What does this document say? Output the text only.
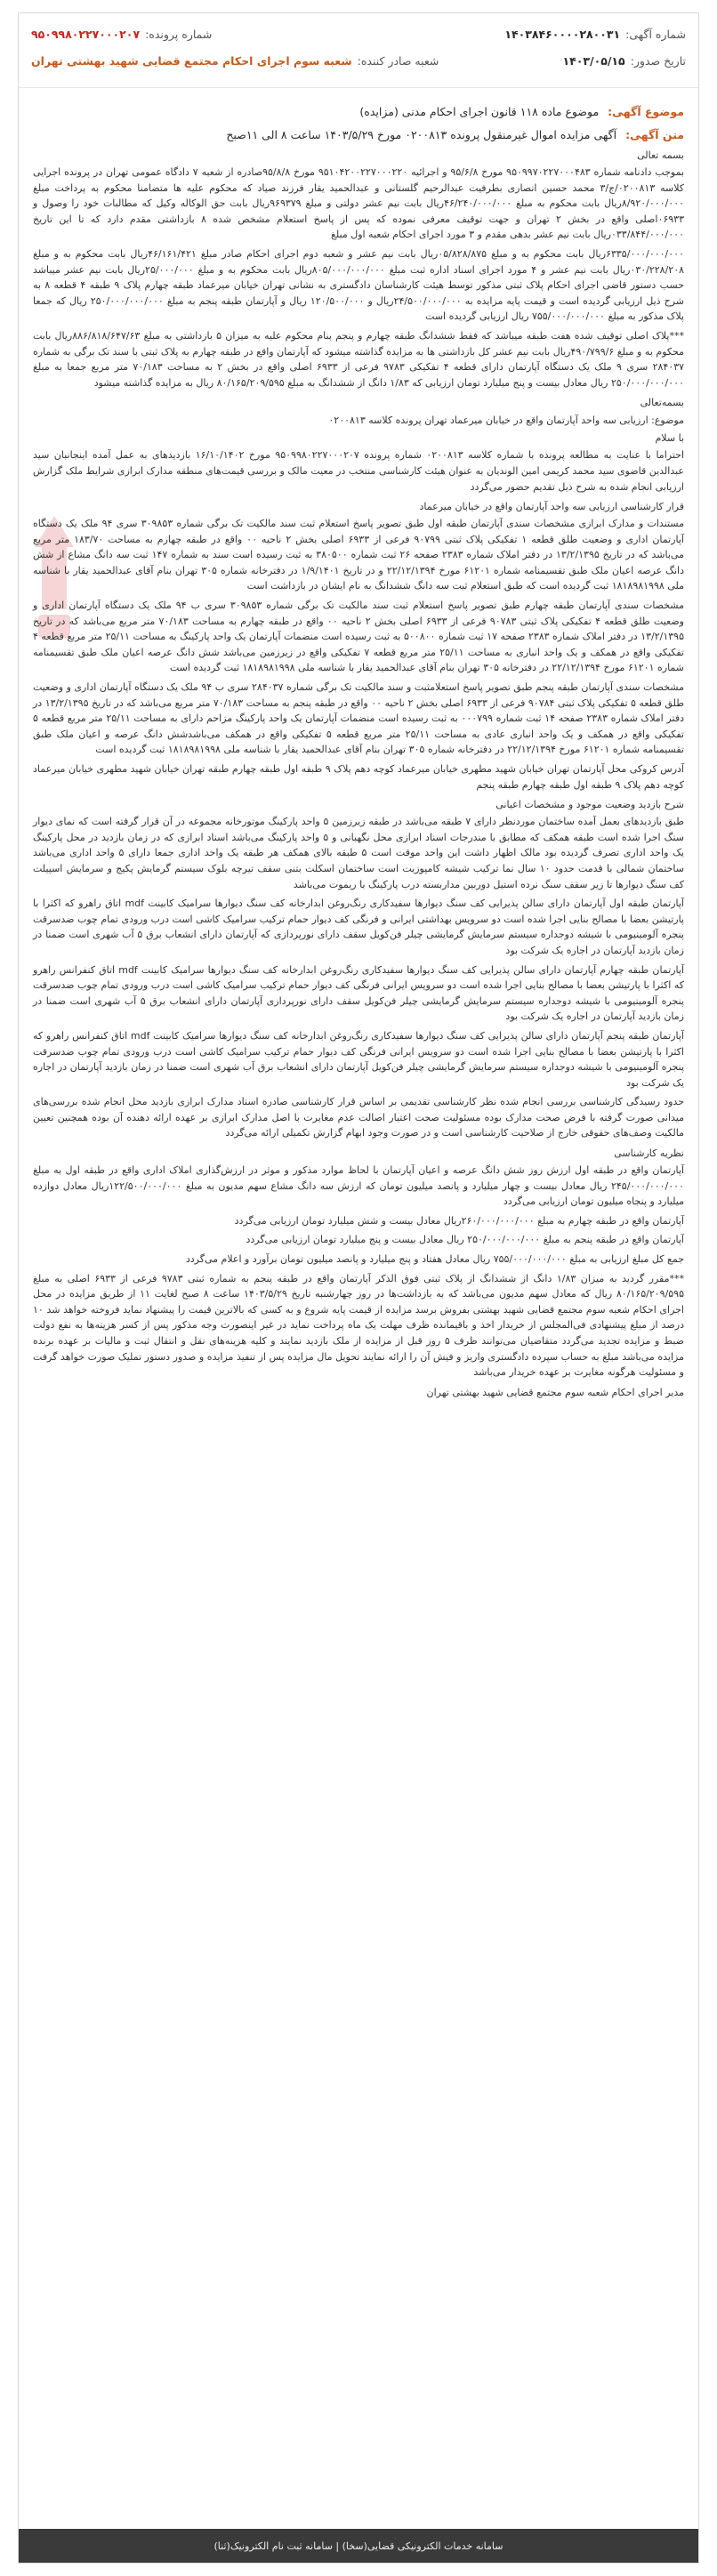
شماره آگهی:
۱۴۰۳۸۴۶۰۰۰۰۲۸۰۰۳۱
شماره پرونده:
۹۵۰۹۹۸۰۲۲۷۰۰۰۲۰۷
تاریخ صدور:
۱۴۰۳/۰۵/۱۵
شعبه صادر کننده:
شعبه سوم اجرای احکام مجتمع قضایی شهید بهشتی تهران
موضوع آگهی:
موضوع ماده ۱۱۸ قانون اجرای احکام مدنی (مزایده)
متن آگهی:
آگهی مزایده اموال غیرمنقول پرونده ۰۲۰۰۸۱۳ مورخ ۱۴۰۳/۵/۲۹ ساعت ۸ الی ۱۱صبح

بسمه تعالی

بموجب دادنامه شماره ۹۵۰۹۹۷۰۲۲۷۰۰۰۴۸۳ مورخ ۹۵/۶/۸ و اجرائیه ۹۵۱۰۴۲۰۰۲۲۷۰۰۰۲۲۰ مورخ ۹۵/۸/۸صادره از شعبه ۷ دادگاه عمومی تهران در پرونده اجرایی کلاسه ۰۲۰۰۸۱۳/ج/۳ محمد حسین انصاری بطرفیت عبدالرحیم گلستانی و عبدالحمید یقار فرزند صیاد که محکوم علیه ها متضامنا محکوم به پرداخت مبلغ ۸/۹۲۰/۰۰۰/۰۰۰ریال بابت محکوم به مبلغ ۴۶/۲۴۰/۰۰۰/۰۰۰ریال بابت نیم عشر دولتی و مبلغ ۹۶۹۳۷۹ریال بابت حق الوکاله وکیل که مطالبات خود را وصول و ۰۶۹۳۳اصلی واقع در بخش ۲ تهران و جهت توقیف معرفی نموده که پس از پاسخ استعلام مشخص شده ۸ بازداشتی مقدم دارد که تا این تاریخ ۰۳۳/۸۴۴/۰۰۰/۰۰۰ریال بابت نیم عشر بدهی مقدم و ۳ مورد اجرای احکام شعبه اول مبلغ

۶۳۳۵/۰۰۰/۰۰۰/۰۰۰ریال بابت محکوم به و مبلغ ۰۵/۸۲۸/۸۷۵ریال بابت نیم عشر و شعبه دوم اجرای احکام صادر مبلغ ۴۶/۱۶۱/۴۲۱ریال بابت محکوم به و مبلغ ۰۳۰/۲۲۸/۲۰۸ریال بابت نیم عشر و ۴ مورد اجرای اسناد اداره ثبت مبلغ ۸۰۵/۰۰۰/۰۰۰/۰۰۰ریال بابت محکوم به و مبلغ ۲۵/۰۰۰/۰۰۰ریال بابت نیم عشر میباشد حسب دستور قاضی اجرای احکام پلاک ثبتی مذکور توسط هیئت کارشناسان دادگستری به نشانی تهران خیابان میرعماد طبقه چهارم پلاک ۹ طبقه ۴ قطعه ۸ به شرح ذیل ارزیابی گردیده است و قیمت پایه مزایده به ۲۴/۵۰۰/۰۰۰/۰۰۰ریال و ۱۲۰/۵۰۰/۰۰۰ ریال و آپارتمان طبقه پنجم به مبلغ ۲۵۰/۰۰۰/۰۰۰/۰۰۰ ریال که جمعا پلاک مذکور به مبلغ ۷۵۵/۰۰۰/۰۰۰/۰۰۰ ریال ارزیابی گردیده است

***پلاک اصلی توقیف شده هفت طبقه میباشد که فقط ششدانگ طبقه چهارم و پنجم بنام محکوم علیه به میزان ۵ بازداشتی به مبلغ ۸۸۶/۸۱۸/۶۴۷/۶۳ریال بابت محکوم به و مبلغ ۴۹۰/۷۹۹/۶ریال بابت نیم عشر کل بازداشتی ها به مزایده گذاشته میشود که آپارتمان واقع در طبقه چهارم به پلاک ثبتی با سند تک برگی به شماره ۲۸۴۰۳۷ سری ۹ ملک یک دستگاه آپارتمان دارای قطعه ۴ تفکیکی ۹۷۸۳ فرعی از ۶۹۳۳ اصلی واقع در بخش ۲ به مساحت ۷۰/۱۸۳ متر مربع جمعا به مبلغ ۲۵۰/۰۰۰/۰۰۰/۰۰۰ ریال معادل بیست و پنج میلیارد تومان ارزیابی که ۱/۸۳ دانگ از ششدانگ به مبلغ ۸۰/۱۶۵/۲۰۹/۵۹۵ ریال به مزایده گذاشته میشود

بسمه‌تعالی

موضوع: ارزیابی سه واحد آپارتمان واقع در خیابان میرعماد تهران پرونده کلاسه ۰۲۰۰۸۱۳

با سلام

احتراما با عنایت به مطالعه پرونده با شماره کلاسه ۰۲۰۰۸۱۳ شماره پرونده ۹۵۰۹۹۸۰۲۲۷۰۰۰۲۰۷ مورخ ۱۶/۱۰/۱۴۰۲ بازدیدهای به عمل آمده اینجانبان سید عبدالدین قاضوی سید محمد کریمی امین الوندیان به عنوان هیئت کارشناسی منتخب در معیت مالک و بررسی قیمت‌های منطقه مدارک ابرازی شرایط ملک گزارش ارزیابی انجام شده به شرح ذیل تقدیم حضور می‌گردد

قرار کارشناسی ارزیابی سه واحد آپارتمان واقع در خیابان میرعماد

مستندات و مدارک ابرازی مشخصات سندی آپارتمان طبقه اول طبق تصویر پاسخ استعلام ثبت سند مالکیت تک برگی شماره ۳۰۹۸۵۳ سری ۹۴ ملک یک دستگاه آپارتمان اداری و وضعیت طلق قطعه ۱ تفکیکی پلاک ثبتی ۹۰۷۹۹ فرعی از ۶۹۳۳ اصلی بخش ۲ ناحیه ۰۰ واقع در طبقه چهارم به مساحت ۱۸۳/۷۰ متر مربع می‌باشد که در تاریخ ۱۳/۲/۱۳۹۵ در دفتر املاک شماره ۲۳۸۳ صفحه ۲۶ ثبت شماره ۳۸۰۵۰۰ به ثبت رسیده است سند به شماره ۱۴۷ ثبت سه دانگ مشاع از شش دانگ عرصه اعیان ملک طبق تقسیمنامه شماره ۶۱۲۰۱ مورخ ۲۲/۱۲/۱۳۹۴ و در تاریخ ۱/۹/۱۴۰۱ در دفترخانه شماره ۳۰۵ تهران بنام آقای عبدالحمید یقار با شناسه ملی ۱۸۱۸۹۸۱۹۹۸ ثبت گردیده است که طبق استعلام ثبت سه دانگ ششدانگ به نام ایشان در بازداشت است

مشخصات سندی آپارتمان طبقه چهارم طبق تصویر پاسخ استعلام ثبت سند مالکیت تک برگی شماره ۳۰۹۸۵۳ سری ب ۹۴ ملک یک دستگاه آپارتمان اداری و وضعیت طلق قطعه ۴ تفکیکی پلاک ثبتی ۹۰۷۸۳ فرعی از ۶۹۳۳ اصلی بخش ۲ ناحیه ۰۰ واقع در طبقه چهارم به مساحت ۷۰/۱۸۳ متر مربع می‌باشد که در تاریخ ۱۳/۲/۱۳۹۵ در دفتر املاک شماره ۲۳۸۳ صفحه ۱۷ ثبت شماره ۵۰۰۸۰۰ به ثبت رسیده است منضمات آپارتمان یک واحد پارکینگ به مساحت ۲۵/۱۱ متر مربع قطعه ۴ تفکیکی واقع در همکف و یک واحد انباری به مساحت ۲۵/۱۱ متر مربع قطعه ۷ تفکیکی واقع در زیرزمین می‌باشد شش دانگ عرصه اعیان ملک طبق تقسیمنامه شماره ۶۱۲۰۱ مورخ ۲۲/۱۲/۱۳۹۴ در دفترخانه ۳۰۵ تهران بنام آقای عبدالحمید یقار با شناسه ملی ۱۸۱۸۹۸۱۹۹۸ ثبت گردیده است

مشخصات سندی آپارتمان طبقه پنجم طبق تصویر پاسخ استعلامثبت و سند مالکیت تک برگی شماره ۲۸۴۰۳۷ سری ب ۹۴ ملک یک دستگاه آپارتمان اداری و وضعیت طلق قطعه ۵ تفکیکی پلاک ثبتی ۹۰۷۸۴ فرعی از ۶۹۳۳ اصلی بخش ۲ ناحیه ۰۰ واقع در طبقه پنجم به مساحت ۷۰/۱۸۳ متر مربع می‌باشد که در تاریخ ۱۳/۲/۱۳۹۵ در دفتر املاک شماره ۲۳۸۳ صفحه ۱۴ ثبت شماره ۰۰۰۷۹۹ به ثبت رسیده است منضمات آپارتمان یک واحد پارکینگ مزاحم دارای به مساحت ۲۵/۱۱ متر مربع قطعه ۵ تفکیکی واقع در همکف و یک واحد انباری عادی به مساحت ۲۵/۱۱ متر مربع قطعه ۵ تفکیکی واقع در همکف می‌باشدشش دانگ عرصه و اعیان ملک طبق تقسیمنامه شماره ۶۱۲۰۱ مورخ ۲۲/۱۲/۱۳۹۴ در دفترخانه شماره ۳۰۵ تهران بنام آقای عبدالحمید یقار با شناسه ملی ۱۸۱۸۹۸۱۹۹۸ ثبت گردیده است

آدرس کروکی محل آپارتمان تهران خیابان شهید مطهری خیابان میرعماد کوچه دهم پلاک ۹ طبقه اول طبقه چهارم طبقه تهران خیابان شهید مطهری خیابان میرعماد کوچه دهم پلاک ۹ طبقه اول طبقه چهارم طبقه پنجم

شرح بازدید وضعیت موجود و مشخصات اعیانی

طبق بازدیدهای بعمل آمده ساختمان موردنظر دارای ۷ طبقه می‌باشد در طبقه زیرزمین ۵ واحد پارکینگ موتورخانه مجموعه در آن قرار گرفته است که نمای دیوار سنگ اجرا شده است طبقه همکف که مطابق با مندرجات اسناد ابرازی محل نگهبانی و ۵ واحد پارکینگ می‌باشد اسناد ابرازی که در زمان بازدید در محل پارکینگ یک واحد اداری تصرف گردیده بود مالک اظهار داشت این واحد موقت است ۵ طبقه بالای همکف هر طبقه یک واحد اداری جمعا دارای ۵ واحد اداری می‌باشد ساختمان شمالی با قدمت حدود ۱۰ سال نما ترکیب شیشه کامپوزیت است ساختمان اسکلت بتنی سقف تیرچه بلوک سیستم گرمایش پکیج و سرمایش اسپیلت کف سنگ دیوارها تا زیر سقف سنگ نرده استیل دوربین مداربسته درب پارکینگ با ریموت می‌باشد

آپارتمان طبقه اول آپارتمان دارای سالن پذیرایی کف سنگ دیوارها سفیدکاری رنگ‌روغن ابدارخانه کف سنگ دیوارها سرامیک کابینت mdf اتاق راهرو که اکثرا با پارتیشن بعضا با مصالح بنایی اجرا شده است دو سرویس بهداشتی ایرانی و فرنگی کف دیوار حمام ترکیب سرامیک کاشی است درب ورودی تمام چوب ضدسرقت پنجره آلومینیومی با شیشه دوجداره سیستم سرمایش گرمایشی چیلر فن‌کویل سقف دارای نورپردازی که آپارتمان دارای انشعاب برق ۵ آب شهری است ضمنا در زمان بازدید آپارتمان در اجاره یک شرکت بود

آپارتمان طبقه چهارم آپارتمان دارای سالن پذیرایی کف سنگ دیوارها سفیدکاری رنگ‌روغن ابدارخانه کف سنگ دیوارها سرامیک کابینت mdf اتاق کنفرانس راهرو که اکثرا با پارتیشن بعضا با مصالح بنایی اجرا شده است دو سرویس ایرانی فرنگی کف دیوار حمام ترکیب سرامیک کاشی است درب ورودی تمام چوب ضدسرقت پنجره آلومینیومی با شیشه دوجداره سیستم سرمایش گرمایشی چیلر فن‌کویل سقف دارای نورپردازی آپارتمان دارای انشعاب برق ۵ آب شهری است ضمنا در زمان بازدید آپارتمان در اجاره یک شرکت بود

آپارتمان طبقه پنجم آپارتمان دارای سالن پذیرایی کف سنگ دیوارها سفیدکاری رنگ‌روغن ابدارخانه کف سنگ دیوارها سرامیک کابینت mdf اتاق کنفرانس راهرو که اکثرا با پارتیشن بعضا با مصالح بنایی اجرا شده است دو سرویس ایرانی فرنگی کف دیوار حمام ترکیب سرامیک کاشی است درب ورودی تمام چوب ضدسرقت پنجره آلومینیومی با شیشه دوجداره سیستم سرمایش گرمایشی چیلر فن‌کویل آپارتمان دارای انشعاب برق آب شهری است ضمنا در زمان بازدید آپارتمان در اجاره یک شرکت بود

حدود رسیدگی کارشناسی بررسی انجام شده نظر کارشناسی تقدیمی بر اساس قرار کارشناسی صادره اسناد مدارک ابرازی بازدید محل انجام شده بررسی‌های میدانی صورت گرفته با فرض صحت مدارک بوده مسئولیت صحت اعتبار اصالت عدم مغایرت با اصل مدارک ابرازی بر عهده ارائه دهنده آن بوده همچنین تعیین مالکیت وصف‌های حقوقی خارج از صلاحیت کارشناسی است و در صورت وجود ابهام گزارش تکمیلی ارائه می‌گردد

نظریه کارشناسی

آپارتمان واقع در طبقه اول ارزش روز شش دانگ عرصه و اعیان آپارتمان با لحاظ موارد مذکور و موثر در ارزش‌گذاری املاک اداری واقع در طبقه اول به مبلغ ۲۴۵/۰۰۰/۰۰۰/۰۰۰ ریال معادل بیست و چهار میلیارد و پانصد میلیون تومان که ارزش سه دانگ مشاع سهم مدیون به مبلغ ۱۲۲/۵۰۰/۰۰۰/۰۰۰ریال معادل دوازده میلیارد و پنجاه میلیون تومان ارزیابی می‌گردد

آپارتمان واقع در طبقه چهارم به مبلغ ۲۶۰/۰۰۰/۰۰۰/۰۰۰ریال معادل بیست و شش میلیارد تومان ارزیابی می‌گردد

آپارتمان واقع در طبقه پنجم به مبلغ ۲۵۰/۰۰۰/۰۰۰/۰۰۰ ریال معادل بیست و پنج میلیارد تومان ارزیابی می‌گردد

جمع کل مبلغ ارزیابی به مبلغ ۷۵۵/۰۰۰/۰۰۰/۰۰۰ ریال معادل هفتاد و پنج میلیارد و پانصد میلیون تومان برآورد و اعلام می‌گردد

***مقرر گردید به میزان ۱/۸۳ دانگ از ششدانگ از پلاک ثبتی فوق الذکر آپارتمان واقع در طبقه پنجم به شماره ثبتی ۹۷۸۳ فرعی از ۶۹۳۳ اصلی به مبلغ ۸۰/۱۶۵/۲۰۹/۵۹۵ ریال که معادل سهم مدیون می‌باشد که به بازداشت‌ها در روز چهارشنبه تاریخ ۱۴۰۳/۵/۲۹ ساعت ۸ صبح لغایت ۱۱ از طریق مزایده در محل اجرای احکام شعبه سوم مجتمع قضایی شهید بهشتی بفروش برسد مزایده از قیمت پایه شروع و به کسی که بالاترین قیمت را پیشنهاد نماید فروخته خواهد شد ۱۰ درصد از مبلغ پیشنهادی فی‌المجلس از خریدار اخذ و باقیمانده ظرف مهلت یک ماه پرداخت نماید در غیر اینصورت وجه مذکور پس از کسر هزینه‌ها به نفع دولت ضبط و مزایده تجدید می‌گردد متقاضیان می‌توانند ظرف ۵ روز قبل از مزایده از ملک بازدید نمایند و کلیه هزینه‌های نقل و انتقال ثبت و مالیات بر عهده برنده مزایده می‌باشد مبلغ به حساب سپرده دادگستری واریز و فیش آن را ارائه نمایند تحویل مال مزایده پس از تنفیذ مزایده و صدور دستور تملیک صورت خواهد گرفت و مسئولیت هرگونه مغایرت بر عهده خریدار می‌باشد

مدیر اجرای احکام شعبه سوم مجتمع قضایی شهید بهشتی تهران

سامانه خدمات الکترونیکی قضایی(سخا) | سامانه ثبت نام الکترونیک(ثنا)
